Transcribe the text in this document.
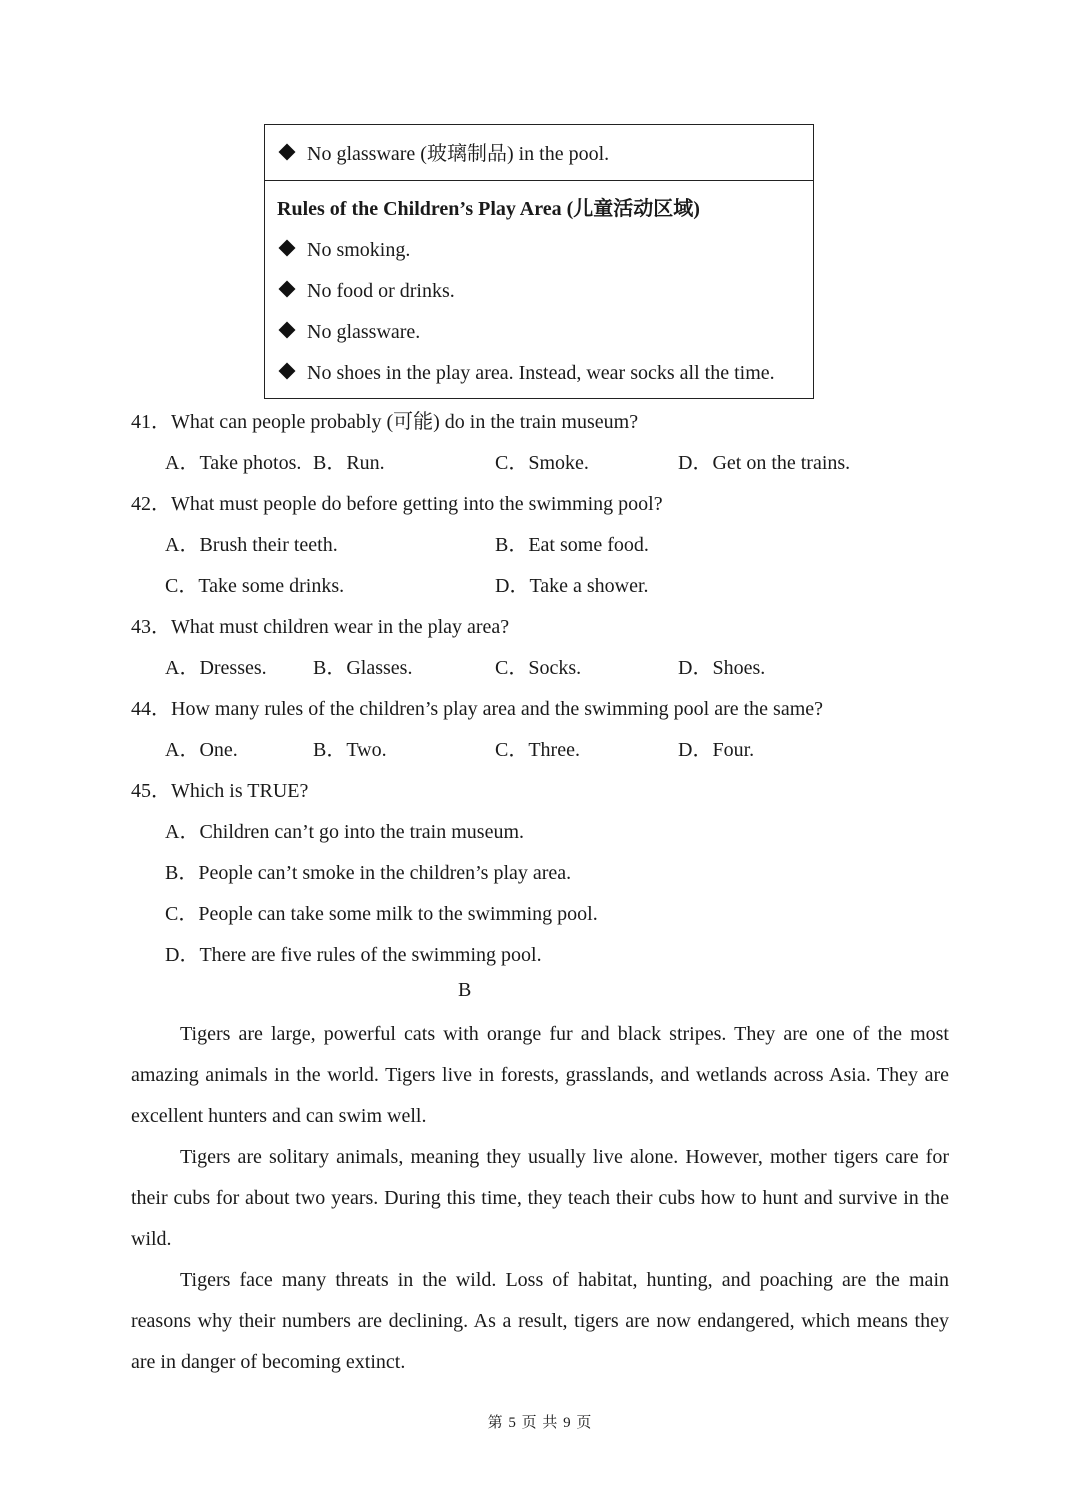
No glassware (玻璃制品) in the pool.
Rules of the Children’s Play Area (儿童活动区域)
No smoking.
No food or drinks.
No glassware.
No shoes in the play area. Instead, wear socks all the time.
41．What can people probably (可能) do in the train museum?
A．Take photos. B．Run.	C．Smoke.	D．Get on the trains.
42．What must people do before getting into the swimming pool?
A．Brush their teeth.	B．Eat some food.
C．Take some drinks.	D．Take a shower.
43．What must children wear in the play area?
A．Dresses. B．Glasses.	C．Socks.	D．Shoes.
44．How many rules of the children’s play area and the swimming pool are the same?
A．One.	B．Two.	C．Three.	D．Four.
45．Which is TRUE?
A．Children can’t go into the train museum.
B．People can’t smoke in the children’s play area.
C．People can take some milk to the swimming pool.
D．There are five rules of the swimming pool.
B
Tigers are large, powerful cats with orange fur and black stripes. They are one of the most amazing animals in the world. Tigers live in forests, grasslands, and wetlands across Asia. They are excellent hunters and can swim well.
Tigers are solitary animals, meaning they usually live alone. However, mother tigers care for their cubs for about two years. During this time, they teach their cubs how to hunt and survive in the wild.
Tigers face many threats in the wild. Loss of habitat, hunting, and poaching are the main reasons why their numbers are declining. As a result, tigers are now endangered, which means they are in danger of becoming extinct.
第 5 页 共 9 页
